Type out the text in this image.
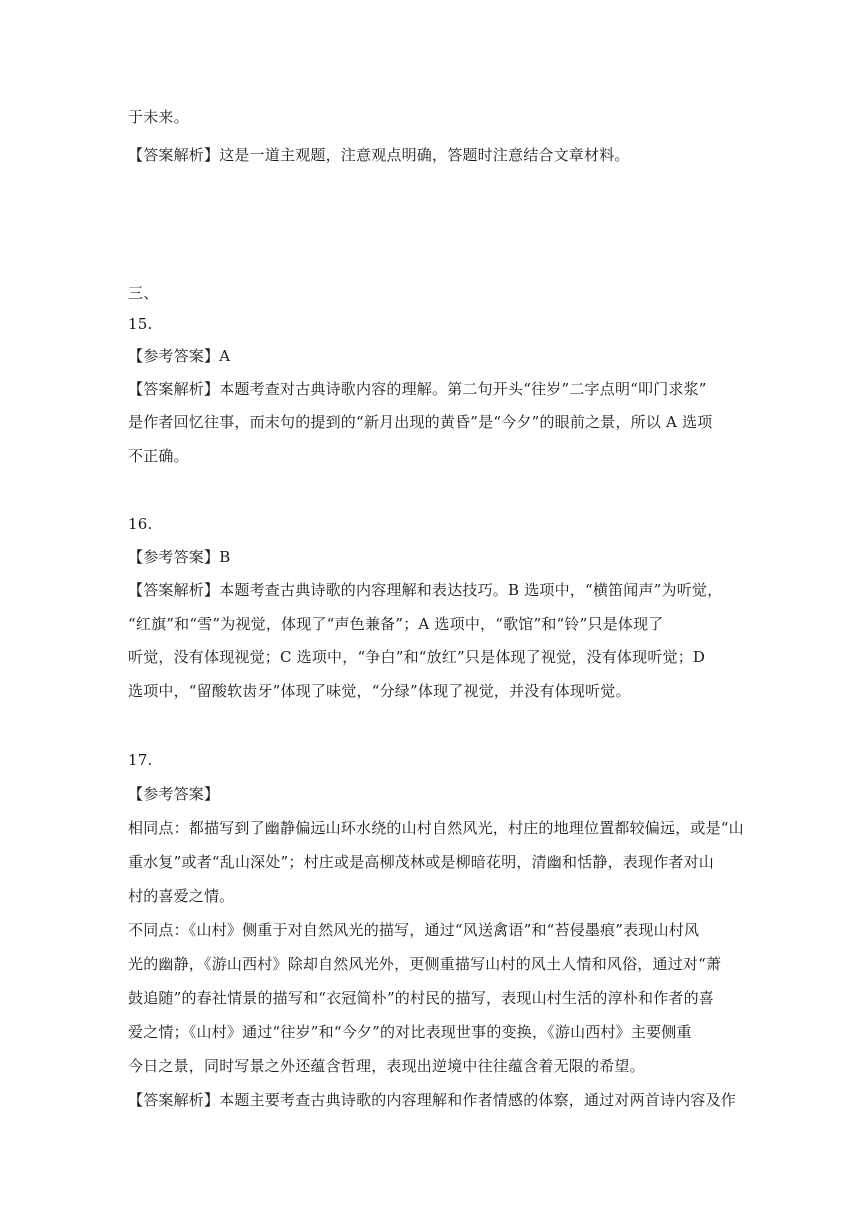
于未来。
【答案解析】这是一道主观题，注意观点明确，答题时注意结合文章材料。
三、
15.
【参考答案】A
【答案解析】本题考查对古典诗歌内容的理解。第二句开头“往岁”二字点明“叩门求浆”
是作者回忆往事，而末句的提到的“新月出现的黄昏”是“今夕”的眼前之景，所以 A 选项
不正确。
16.
【参考答案】B
【答案解析】本题考查古典诗歌的内容理解和表达技巧。B 选项中，“横笛闻声”为听觉，
“红旗”和“雪”为视觉，体现了“声色兼备”；A 选项中，“歌馆”和“铃”只是体现了
听觉，没有体现视觉；C 选项中，“争白”和“放红”只是体现了视觉，没有体现听觉；D
选项中，“留酸软齿牙”体现了味觉，“分绿”体现了视觉，并没有体现听觉。
17.
【参考答案】
相同点：都描写到了幽静偏远山环水绕的山村自然风光，村庄的地理位置都较偏远，或是“山
重水复”或者“乱山深处”；村庄或是高柳茂林或是柳暗花明，清幽和恬静，表现作者对山
村的喜爱之情。
不同点：《山村》侧重于对自然风光的描写，通过“风送禽语”和“苔侵墨痕”表现山村风
光的幽静，《游山西村》除却自然风光外，更侧重描写山村的风土人情和风俗，通过对“萧
鼓追随”的春社情景的描写和“衣冠简朴”的村民的描写，表现山村生活的淳朴和作者的喜
爱之情；《山村》通过“往岁”和“今夕”的对比表现世事的变换，《游山西村》主要侧重
今日之景，同时写景之外还蕴含哲理，表现出逆境中往往蕴含着无限的希望。
【答案解析】本题主要考查古典诗歌的内容理解和作者情感的体察，通过对两首诗内容及作
